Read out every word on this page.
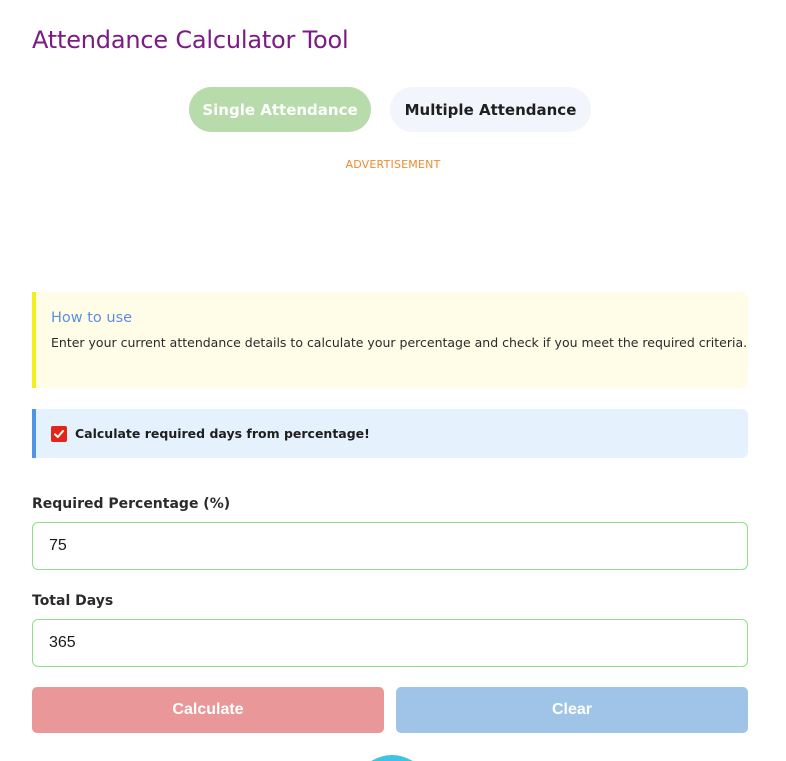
Attendance Calculator Tool
Single Attendance	Multiple Attendance
ADVERTISEMENT
How to use

Enter your current attendance details to calculate your percentage and check if you meet the required criteria.

Calculate required days from percentage!
Required Percentage (%)
75
Total Days
365
Calculate	Clear
